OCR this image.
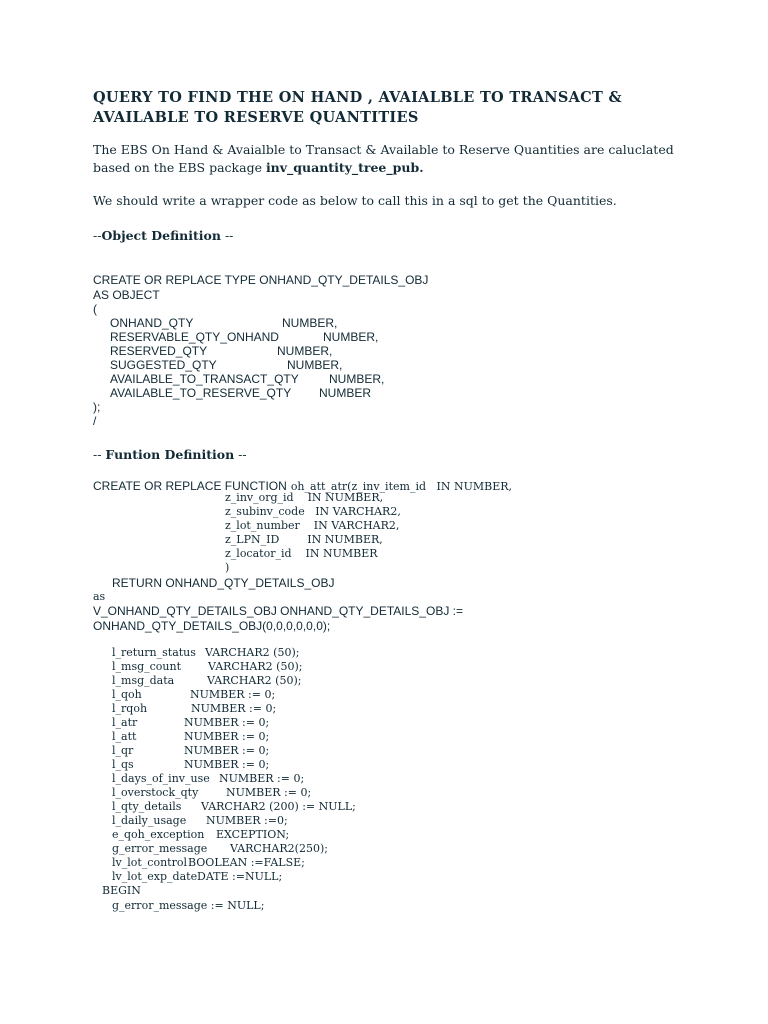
QUERY TO FIND THE ON HAND , AVAIALBLE TO TRANSACT &
AVAILABLE TO RESERVE QUANTITIES
The EBS On Hand & Avaialble to Transact & Available to Reserve Quantities are caluclated based on the EBS package inv_quantity_tree_pub.
We should write a wrapper code as below to call this in a sql to get the Quantities.
--Object Definition --
CREATE OR REPLACE TYPE ONHAND_QTY_DETAILS_OBJ
AS OBJECT
(
ONHAND_QTY	NUMBER,
RESERVABLE_QTY_ONHAND	NUMBER,
RESERVED_QTY	NUMBER,
SUGGESTED_QTY	NUMBER,
AVAILABLE_TO_TRANSACT_QTY	NUMBER,
AVAILABLE_TO_RESERVE_QTY NUMBER
);
/
-- Funtion Definition --
CREATE OR REPLACE FUNCTION oh_att_atr(z_inv_item_id   IN NUMBER,
z_inv_org_id    IN NUMBER,
z_subinv_code   IN VARCHAR2,
z_lot_number    IN VARCHAR2,
z_LPN_ID        IN NUMBER,
z_locator_id    IN NUMBER
)
RETURN ONHAND_QTY_DETAILS_OBJ
as
V_ONHAND_QTY_DETAILS_OBJ ONHAND_QTY_DETAILS_OBJ :=
ONHAND_QTY_DETAILS_OBJ(0,0,0,0,0,0);
l_return_status VARCHAR2 (50);
l_msg_count VARCHAR2 (50);
l_msg_data	VARCHAR2 (50);
l_qoh	NUMBER := 0;
l_rqoh	NUMBER := 0;
l_atr	NUMBER := 0;
l_att	NUMBER := 0;
l_qr	NUMBER := 0;
l_qs	NUMBER := 0;
l_days_of_inv_use NUMBER := 0;
l_overstock_qty	NUMBER := 0;
l_qty_details VARCHAR2 (200) := NULL;
l_daily_usage NUMBER :=0;
e_qoh_exception EXCEPTION;
g_error_message VARCHAR2(250);
lv_lot_control BOOLEAN :=FALSE;
lv_lot_exp_date DATE :=NULL;
BEGIN
g_error_message := NULL;
